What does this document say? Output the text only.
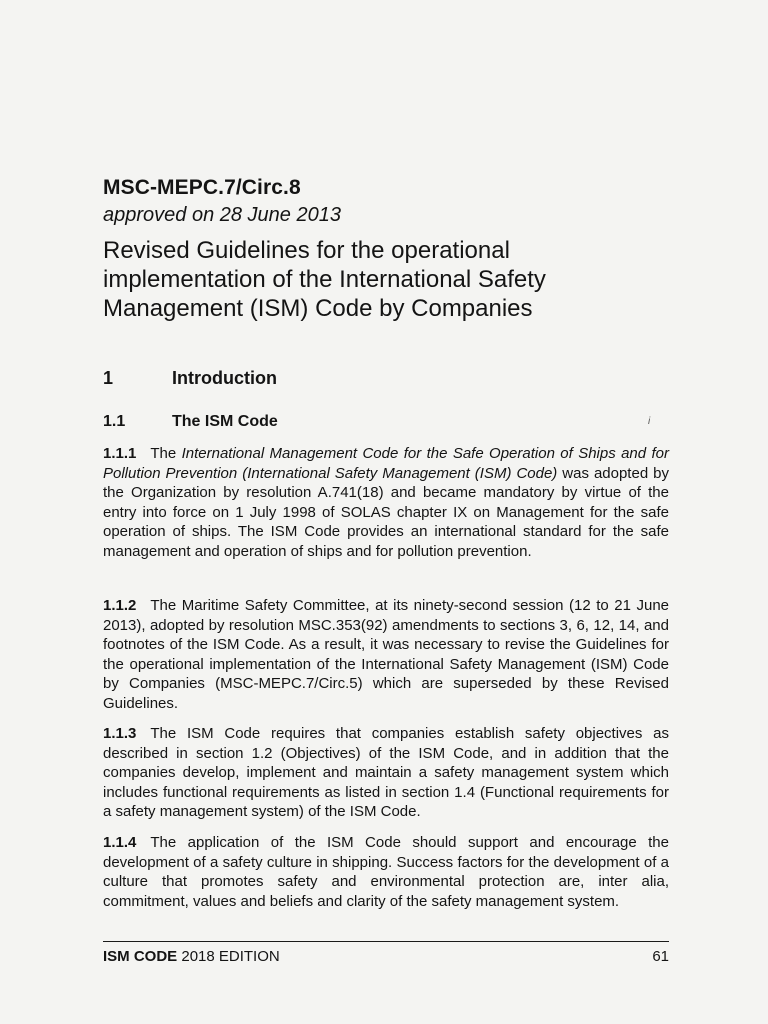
MSC-MEPC.7/Circ.8
approved on 28 June 2013
Revised Guidelines for the operational implementation of the International Safety Management (ISM) Code by Companies
1	Introduction
1.1	The ISM Code	i

1.1.1 The International Management Code for the Safe Operation of Ships and for Pollution Prevention (International Safety Management (ISM) Code) was adopted by the Organization by resolution A.741(18) and became mandatory by virtue of the entry into force on 1 July 1998 of SOLAS chapter IX on Management for the safe operation of ships. The ISM Code provides an international standard for the safe management and operation of ships and for pollution prevention.

1.1.2 The Maritime Safety Committee, at its ninety-second session (12 to 21 June 2013), adopted by resolution MSC.353(92) amendments to sections 3, 6, 12, 14, and footnotes of the ISM Code. As a result, it was necessary to revise the Guidelines for the operational implementation of the International Safety Management (ISM) Code by Companies (MSC-MEPC.7/Circ.5) which are superseded by these Revised Guidelines.

1.1.3 The ISM Code requires that companies establish safety objectives as described in section 1.2 (Objectives) of the ISM Code, and in addition that the companies develop, implement and maintain a safety management system which includes functional requirements as listed in section 1.4 (Functional requirements for a safety management system) of the ISM Code.

1.1.4 The application of the ISM Code should support and encourage the development of a safety culture in shipping. Success factors for the development of a culture that promotes safety and environmental protection are, inter alia, commitment, values and beliefs and clarity of the safety management system.

ISM CODE 2018 EDITION	61
